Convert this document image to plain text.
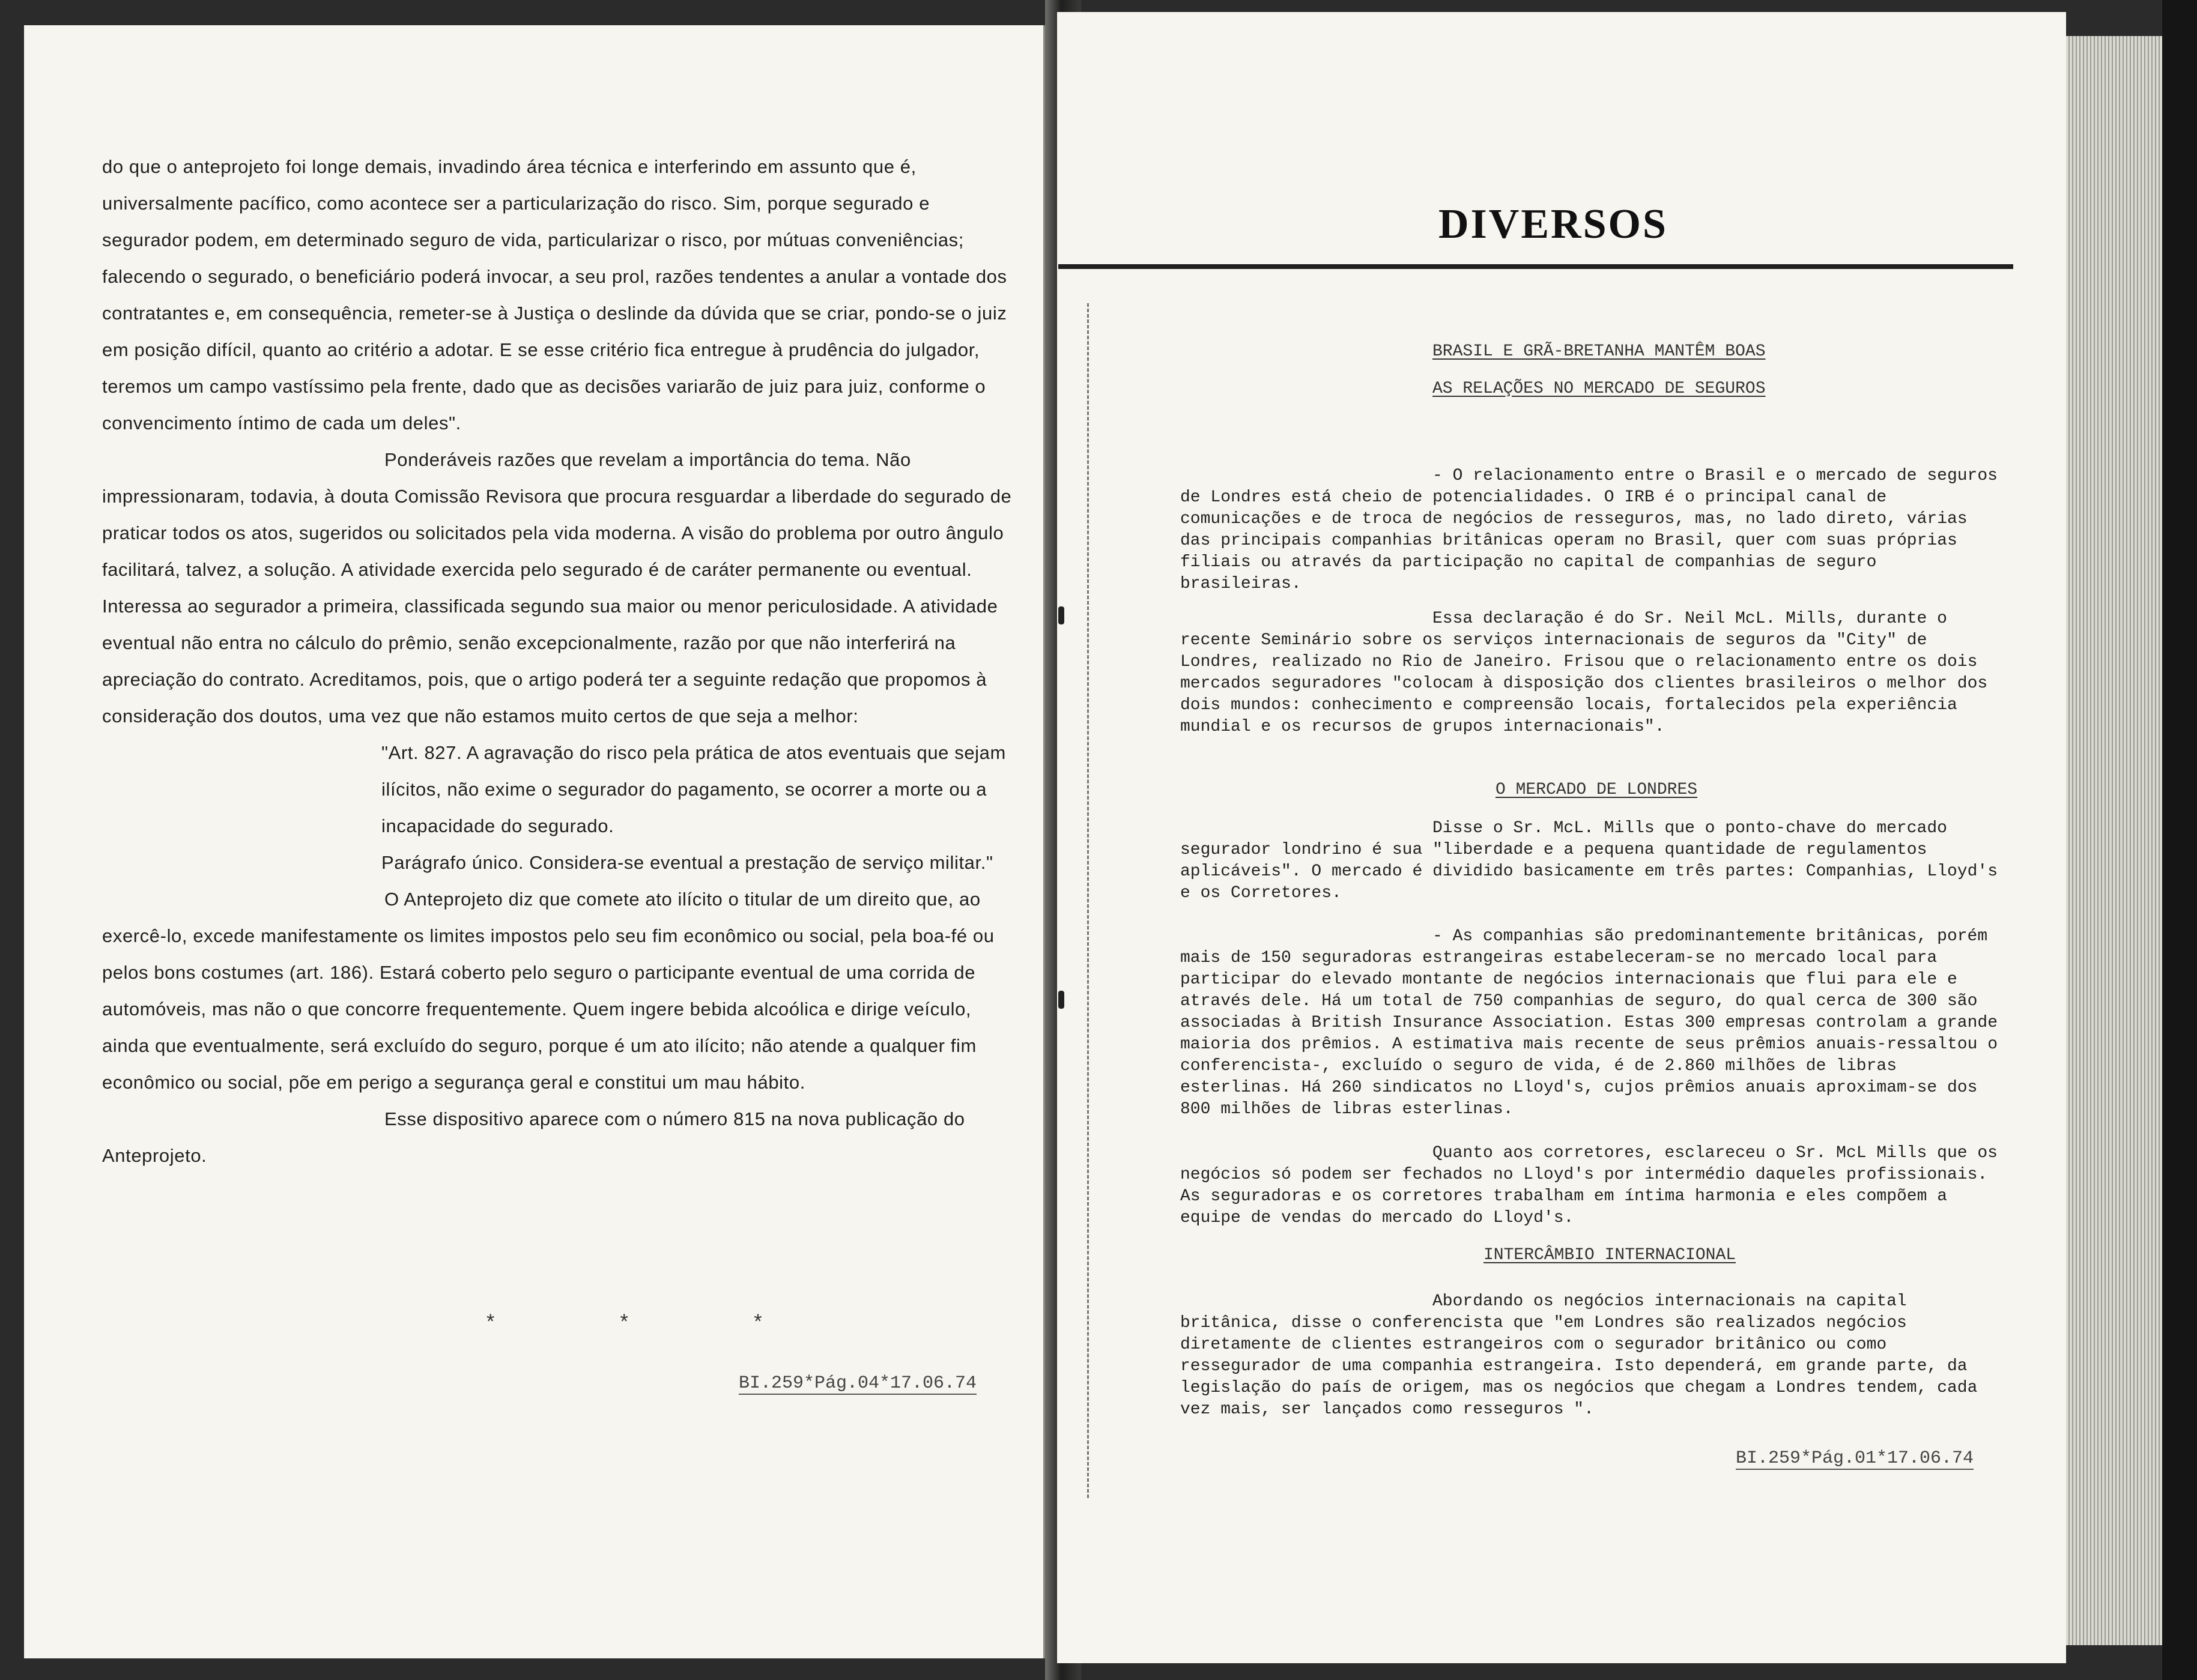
do que o anteprojeto foi longe demais, invadindo área técnica e interferindo em assunto que é, universalmente pacífico, como acontece ser a particularização do risco. Sim, porque segurado e segurador podem, em determinado seguro de vida, particularizar o risco, por mútuas conveniências; falecendo o segurado, o beneficiário poderá invocar, a seu prol, razões tendentes a anular a vontade dos contratantes e, em consequência, remeter-se à Justiça o deslinde da dúvida que se criar, pondo-se o juiz em posição difícil, quanto ao critério a adotar. E se esse critério fica entregue à prudência do julgador, teremos um campo vastíssimo pela frente, dado que as decisões variarão de juiz para juiz, conforme o convencimento íntimo de cada um deles".

Ponderáveis razões que revelam a importância do tema. Não impressionaram, todavia, à douta Comissão Revisora que procura resguardar a liberdade do segurado de praticar todos os atos, sugeridos ou solicitados pela vida moderna. A visão do problema por outro ângulo facilitará, talvez, a solução. A atividade exercida pelo segurado é de caráter permanente ou eventual. Interessa ao segurador a primeira, classificada segundo sua maior ou menor periculosidade. A atividade eventual não entra no cálculo do prêmio, senão excepcionalmente, razão por que não interferirá na apreciação do contrato. Acreditamos, pois, que o artigo poderá ter a seguinte redação que propomos à consideração dos doutos, uma vez que não estamos muito certos de que seja a melhor:

"Art. 827. A agravação do risco pela prática de atos eventuais que sejam ilícitos, não exime o segurador do pagamento, se ocorrer a morte ou a incapacidade do segurado.

Parágrafo único. Considera-se eventual a prestação de serviço militar."

O Anteprojeto diz que comete ato ilícito o titular de um direito que, ao exercê-lo, excede manifestamente os limites impostos pelo seu fim econômico ou social, pela boa-fé ou pelos bons costumes (art. 186). Estará coberto pelo seguro o participante eventual de uma corrida de automóveis, mas não o que concorre frequentemente. Quem ingere bebida alcoólica e dirige veículo, ainda que eventualmente, será excluído do seguro, porque é um ato ilícito; não atende a qualquer fim econômico ou social, põe em perigo a segurança geral e constitui um mau hábito.

Esse dispositivo aparece com o número 815 na nova publicação do Anteprojeto.

* * *
BI.259*Pág.04*17.06.74
DIVERSOS
BRASIL E GRÃ-BRETANHA MANTÊM BOAS
AS RELAÇÕES NO MERCADO DE SEGUROS

- O relacionamento entre o Brasil e o mercado de seguros de Londres está cheio de potencialidades. O IRB é o principal canal de comunicações e de troca de negócios de resseguros, mas, no lado direto, várias das principais companhias britânicas operam no Brasil, quer com suas próprias filiais ou através da participação no capital de companhias de seguro brasileiras.

Essa declaração é do Sr. Neil McL. Mills, durante o recente Seminário sobre os serviços internacionais de seguros da "City" de Londres, realizado no Rio de Janeiro. Frisou que o relacionamento entre os dois mercados seguradores "colocam à disposição dos clientes brasileiros o melhor dos dois mundos: conhecimento e compreensão locais, fortalecidos pela experiência mundial e os recursos de grupos internacionais".

O MERCADO DE LONDRES

Disse o Sr. McL. Mills que o ponto-chave do mercado segurador londrino é sua "liberdade e a pequena quantidade de regulamentos aplicáveis". O mercado é dividido basicamente em três partes: Companhias, Lloyd's e os Corretores.

- As companhias são predominantemente britânicas, porém mais de 150 seguradoras estrangeiras estabeleceram-se no mercado local para participar do elevado montante de negócios internacionais que flui para ele e através dele. Há um total de 750 companhias de seguro, do qual cerca de 300 são associadas à British Insurance Association. Estas 300 empresas controlam a grande maioria dos prêmios. A estimativa mais recente de seus prêmios anuais-ressaltou o conferencista-, excluído o seguro de vida, é de 2.860 milhões de libras esterlinas. Há 260 sindicatos no Lloyd's, cujos prêmios anuais aproximam-se dos 800 milhões de libras esterlinas.

Quanto aos corretores, esclareceu o Sr. McL Mills que os negócios só podem ser fechados no Lloyd's por intermédio daqueles profissionais. As seguradoras e os corretores trabalham em íntima harmonia e eles compõem a equipe de vendas do mercado do Lloyd's.

INTERCÂMBIO INTERNACIONAL

Abordando os negócios internacionais na capital britânica, disse o conferencista que "em Londres são realizados negócios diretamente de clientes estrangeiros com o segurador britânico ou como ressegurador de uma companhia estrangeira. Isto dependerá, em grande parte, da legislação do país de origem, mas os negócios que chegam a Londres tendem, cada vez mais, ser lançados como resseguros ".

BI.259*Pág.01*17.06.74
